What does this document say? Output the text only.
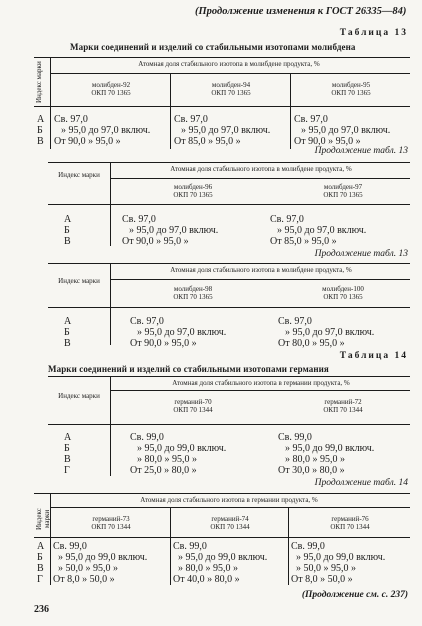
(Продолжение изменения к ГОСТ 26335—84)
Таблица 13
Марки соединений и изделий со стабильными изотопами молибдена
Индекс марки	Атомная доля стабильного изотопа в молибдене продукта, %
молибден-92
ОКП 70 1365
молибден-94
ОКП 70 1365
молибден-95
ОКП 70 1365
А
Б
В
Св. 97,0
» 95,0 до 97,0 включ.
От 90,0 » 95,0 »
Св. 97,0
» 95,0 до 97,0 включ.
От 85,0 » 95,0 »
Св. 97,0
» 95,0 до 97,0 включ.
От 90,0 » 95,0 »
Продолжение табл. 13
Индекс марки
Атомная доля стабильного изотопа в молибдене продукта, %
молибден-96
ОКП 70 1365
молибден-97
ОКП 70 1365
А
Б
В
Св. 97,0
» 95,0 до 97,0 включ.
От 90,0 » 95,0 »
Св. 97,0
» 95,0 до 97,0 включ.
От 85,0 » 95,0 »
Продолжение табл. 13
Индекс марки
Атомная доля стабильного изотопа в молибдене продукта, %
молибден-98
ОКП 70 1365
молибден-100
ОКП 70 1365
А
Б
В
Св. 97,0
» 95,0 до 97,0 включ.
От 90,0 » 95,0 »
Св. 97,0
» 95,0 до 97,0 включ.
От 80,0 » 95,0 »
Таблица 14
Марки соединений и изделий со стабильными изотопами германия
Индекс марки
Атомная доля стабильного изотопа в германии продукта, %
германий-70
ОКП 70 1344
германий-72
ОКП 70 1344
А
Б
В
Г
Св. 99,0
» 95,0 до 99,0 включ.
» 80,0 » 95,0 »
От 25,0 » 80,0 »
Св. 99,0
» 95,0 до 99,0 включ.
» 80,0 » 95,0 »
От 30,0 » 80,0 »
Продолжение табл. 14
Индекс марки
Атомная доля стабильного изотопа в германии продукта, %
германий-73
ОКП 70 1344
германий-74
ОКП 70 1344
германий-76
ОКП 70 1344
А
Б
В
Г
Св. 99,0
» 95,0 до 99,0 включ.
» 50,0 » 95,0 »
От 8,0 » 50,0 »
Св. 99,0
» 95,0 до 99,0 включ.
» 80,0 » 95,0 »
От 40,0 » 80,0 »
Св. 99,0
» 95,0 до 99,0 включ.
» 50,0 » 95,0 »
От 8,0 » 50,0 »
236
(Продолжение см. с. 237)
